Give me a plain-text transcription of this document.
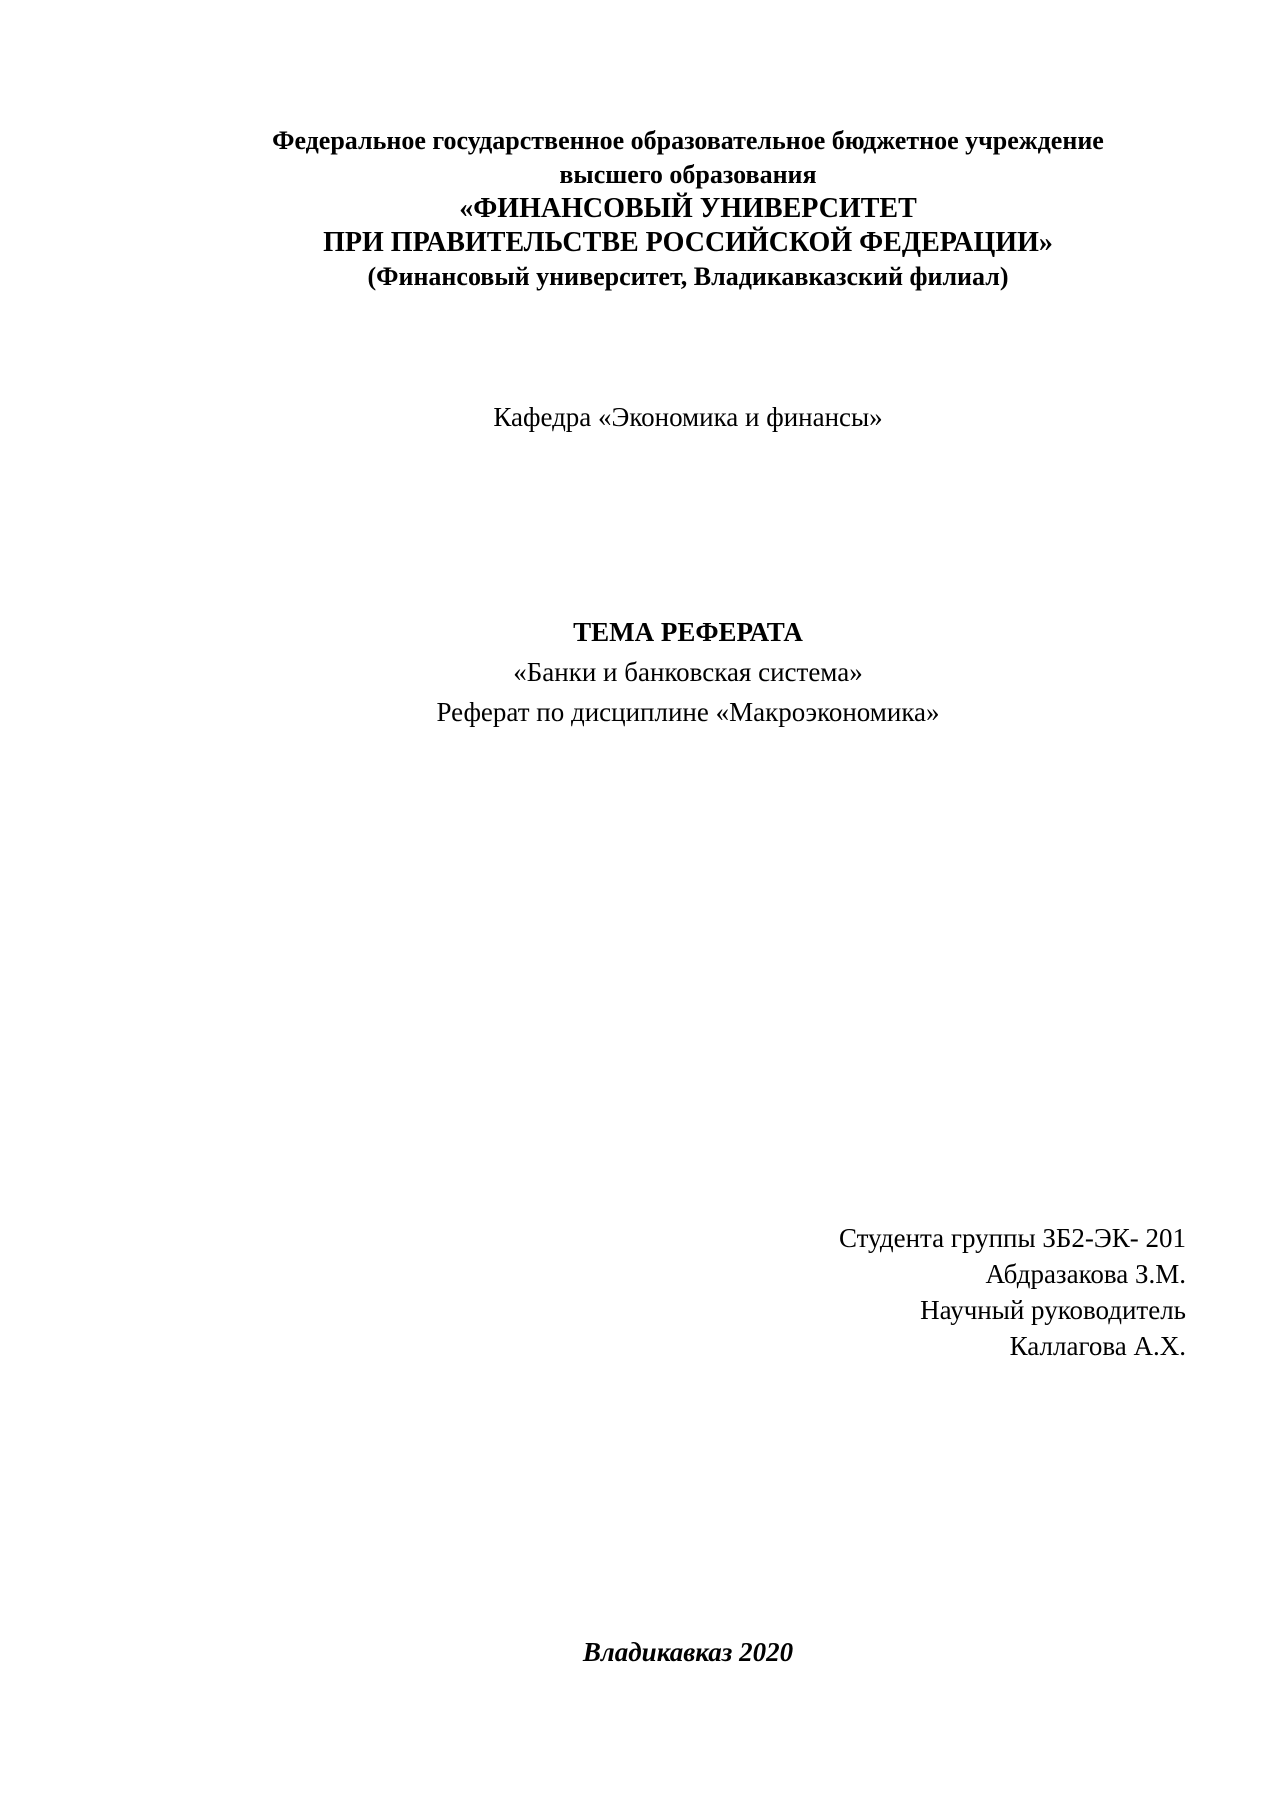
Федеральное государственное образовательное бюджетное учреждение
высшего образования
«ФИНАНСОВЫЙ УНИВЕРСИТЕТ
ПРИ ПРАВИТЕЛЬСТВЕ РОССИЙСКОЙ ФЕДЕРАЦИИ»
(Финансовый университет, Владикавказский филиал)
Кафедра «Экономика и финансы»
ТЕМА РЕФЕРАТА
«Банки и банковская система»
Реферат по дисциплине «Макроэкономика»
Студента группы ЗБ2-ЭК- 201
Абдразакова З.М.
Научный руководитель
Каллагова А.Х.
Владикавказ 2020
